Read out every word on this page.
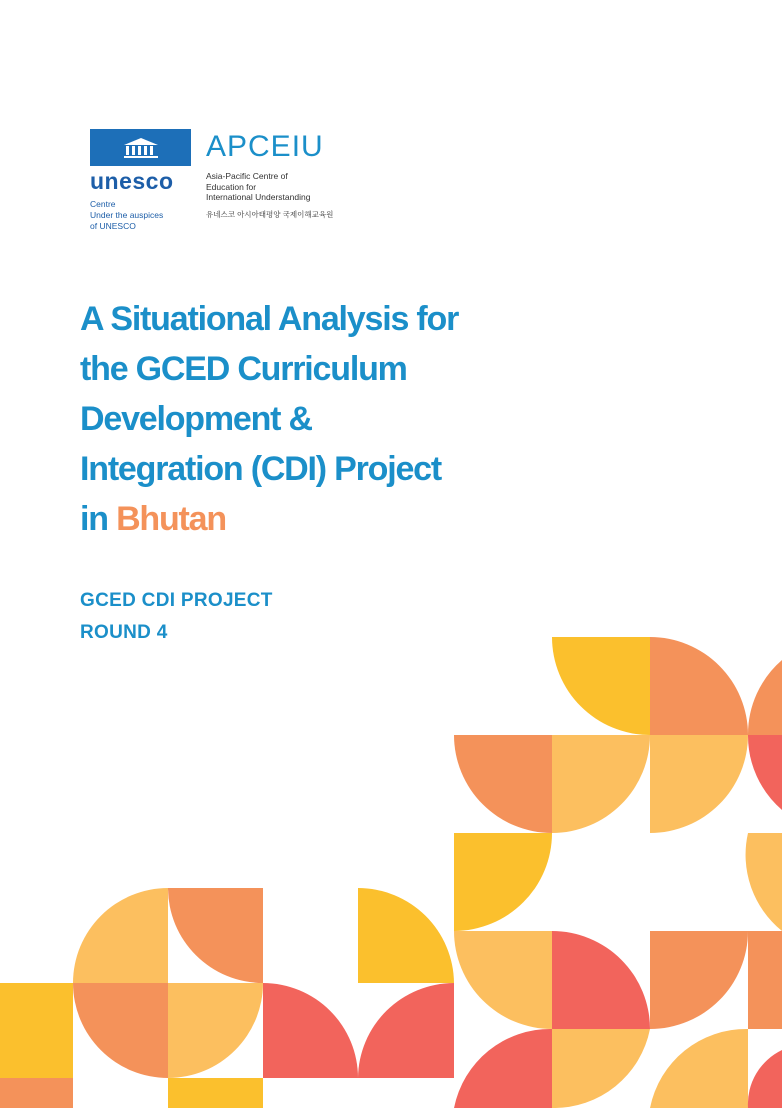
unesco
Centre
Under the auspices
of UNESCO
APCEIU
Asia-Pacific Centre of
Education for
International Understanding
유네스코 아시아태평양 국제이해교육원
A Situational Analysis for
the GCED Curriculum
Development &
Integration (CDI) Project
in Bhutan
GCED CDI PROJECT
ROUND 4
